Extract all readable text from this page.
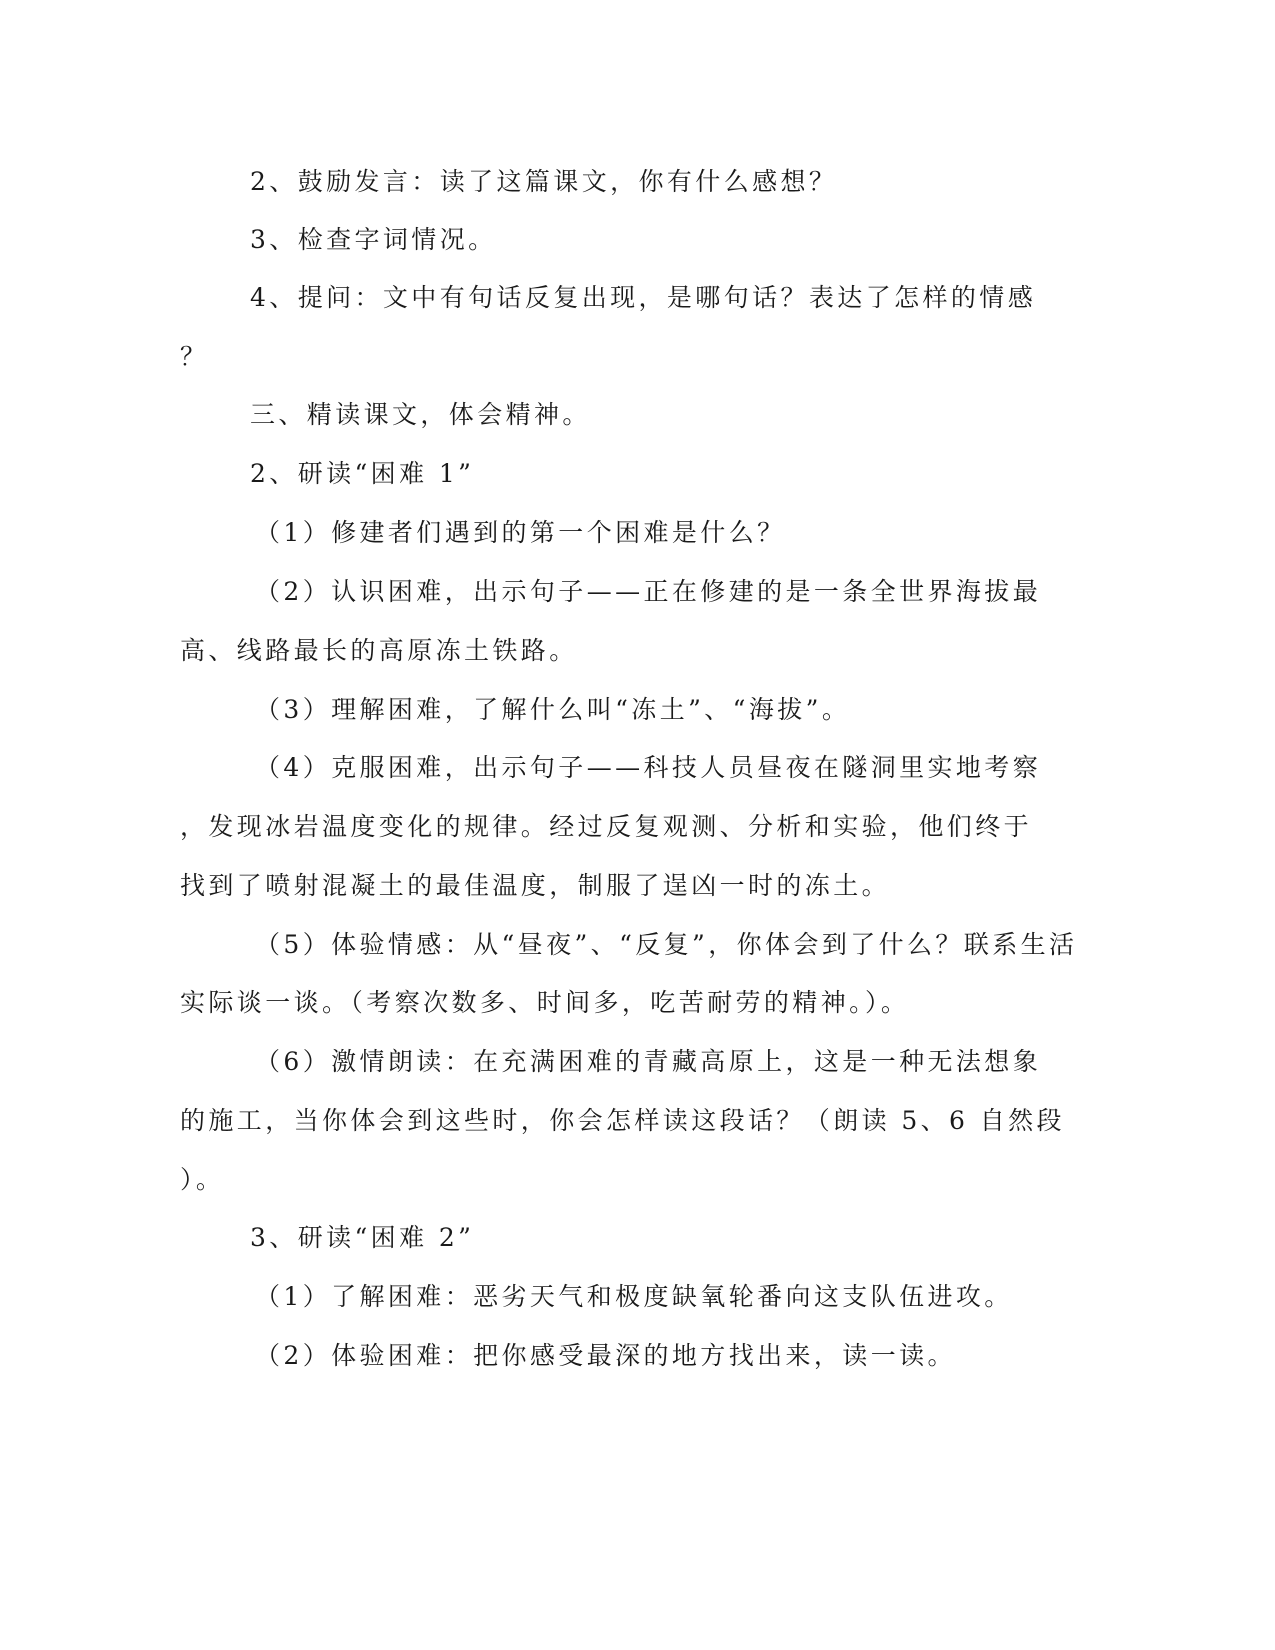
2、鼓励发言：读了这篇课文，你有什么感想？

3、检查字词情况。

4、提问：文中有句话反复出现，是哪句话？表达了怎样的情感

？

三、精读课文，体会精神。

2、研读“困难 1”

（1）修建者们遇到的第一个困难是什么？

（2）认识困难，出示句子——正在修建的是一条全世界海拔最

高、线路最长的高原冻土铁路。

（3）理解困难，了解什么叫“冻土”、“海拔”。

（4）克服困难，出示句子——科技人员昼夜在隧洞里实地考察

，发现冰岩温度变化的规律。经过反复观测、分析和实验，他们终于

找到了喷射混凝土的最佳温度，制服了逞凶一时的冻土。

（5）体验情感：从“昼夜”、“反复”，你体会到了什么？联系生活

实际谈一谈。（考察次数多、时间多，吃苦耐劳的精神。）。

（6）激情朗读：在充满困难的青藏高原上，这是一种无法想象

的施工，当你体会到这些时，你会怎样读这段话？（朗读 5、6 自然段

）。

3、研读“困难 2”

（1）了解困难：恶劣天气和极度缺氧轮番向这支队伍进攻。

（2）体验困难：把你感受最深的地方找出来，读一读。
